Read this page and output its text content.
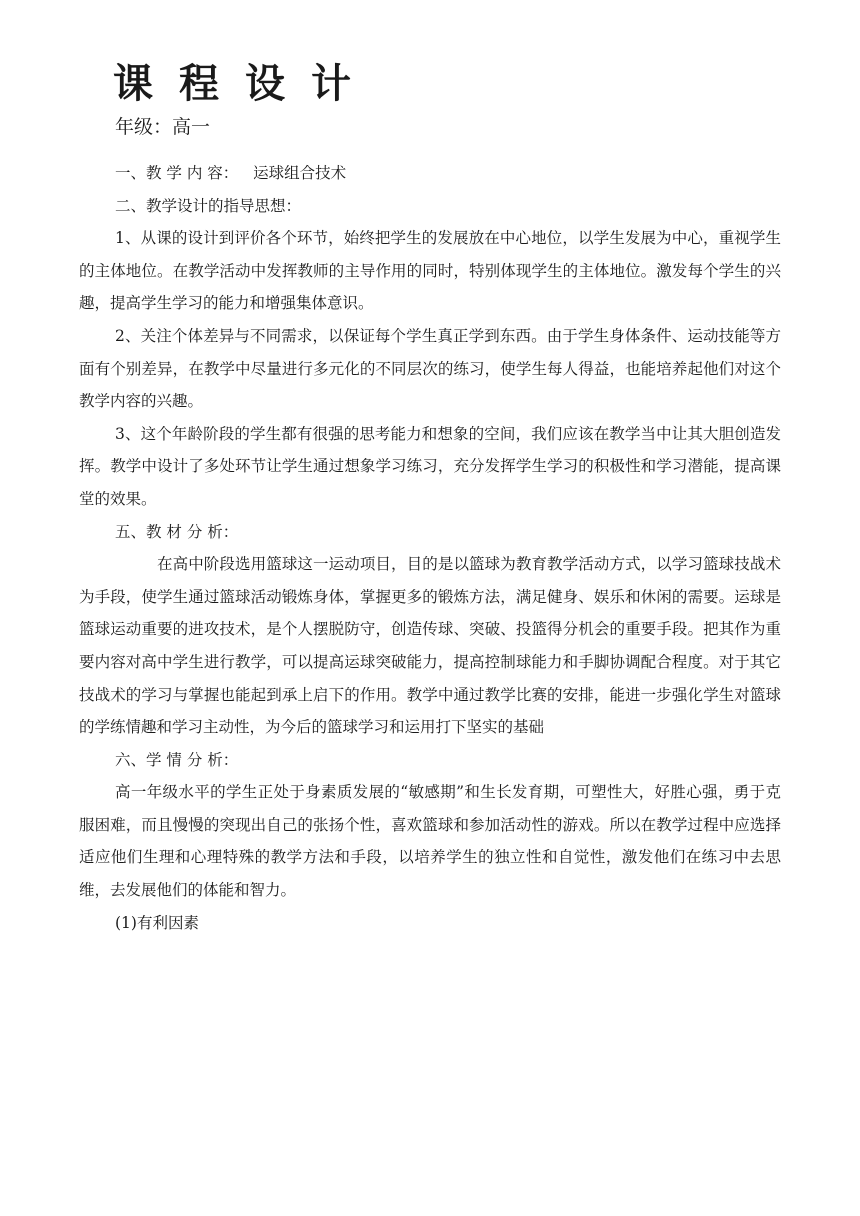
课程设计
年级：高一

一、教 学 内 容： 运球组合技术

二、教学设计的指导思想：

1、从课的设计到评价各个环节，始终把学生的发展放在中心地位，以学生发展为中心，重视学生的主体地位。在教学活动中发挥教师的主导作用的同时，特别体现学生的主体地位。激发每个学生的兴趣，提高学生学习的能力和增强集体意识。

2、关注个体差异与不同需求，以保证每个学生真正学到东西。由于学生身体条件、运动技能等方面有个别差异，在教学中尽量进行多元化的不同层次的练习，使学生每人得益，也能培养起他们对这个教学内容的兴趣。

3、这个年龄阶段的学生都有很强的思考能力和想象的空间，我们应该在教学当中让其大胆创造发挥。教学中设计了多处环节让学生通过想象学习练习，充分发挥学生学习的积极性和学习潜能，提高课堂的效果。

五、教 材 分 析：

在高中阶段选用篮球这一运动项目，目的是以篮球为教育教学活动方式，以学习篮球技战术为手段，使学生通过篮球活动锻炼身体，掌握更多的锻炼方法，满足健身、娱乐和休闲的需要。运球是篮球运动重要的进攻技术，是个人摆脱防守，创造传球、突破、投篮得分机会的重要手段。把其作为重要内容对高中学生进行教学，可以提高运球突破能力，提高控制球能力和手脚协调配合程度。对于其它技战术的学习与掌握也能起到承上启下的作用。教学中通过教学比赛的安排，能进一步强化学生对篮球的学练情趣和学习主动性，为今后的篮球学习和运用打下坚实的基础

六、学 情 分 析：

高一年级水平的学生正处于身素质发展的“敏感期”和生长发育期，可塑性大，好胜心强，勇于克服困难，而且慢慢的突现出自己的张扬个性，喜欢篮球和参加活动性的游戏。所以在教学过程中应选择适应他们生理和心理特殊的教学方法和手段，以培养学生的独立性和自觉性，激发他们在练习中去思维，去发展他们的体能和智力。

(1)有利因素
